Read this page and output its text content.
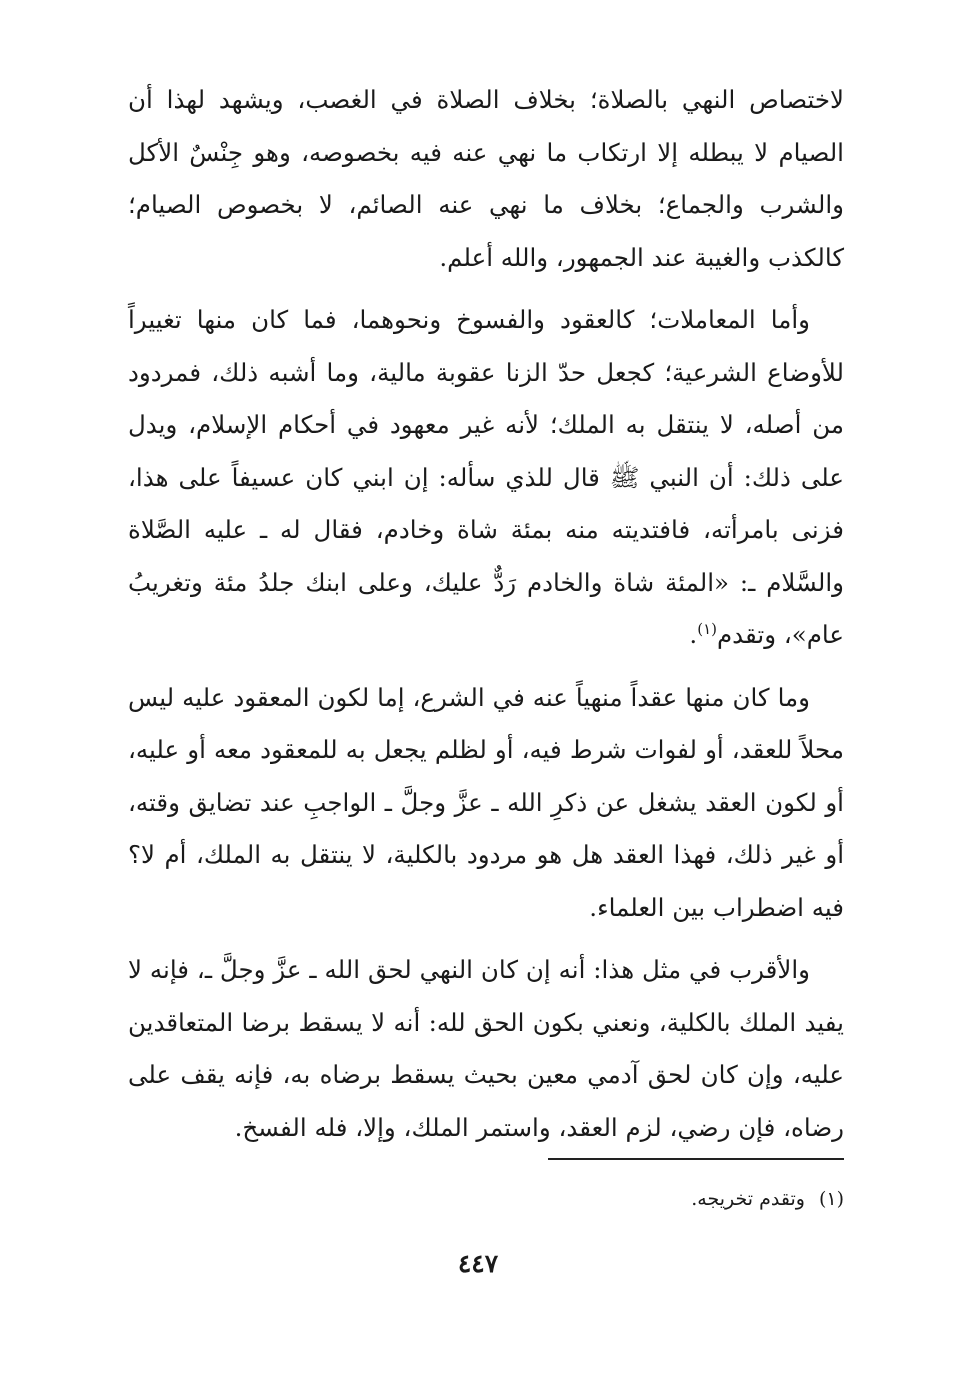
لاختصاص النهي بالصلاة؛ بخلاف الصلاة في الغصب، ويشهد لهذا أن الصيام لا يبطله إلا ارتكاب ما نهي عنه فيه بخصوصه، وهو جِنْسٌ الأكل والشرب والجماع؛ بخلاف ما نهي عنه الصائم، لا بخصوص الصيام؛ كالكذب والغيبة عند الجمهور، والله أعلم.

وأما المعاملات؛ كالعقود والفسوخ ونحوهما، فما كان منها تغييراً للأوضاع الشرعية؛ كجعل حدّ الزنا عقوبة مالية، وما أشبه ذلك، فمردود من أصله، لا ينتقل به الملك؛ لأنه غير معهود في أحكام الإسلام، ويدل على ذلك: أن النبي ﷺ قال للذي سأله: إن ابني كان عسيفاً على هذا، فزنى بامرأته، فافتديته منه بمئة شاة وخادم، فقال له ـ عليه الصَّلاة والسَّلام ـ: «المئة شاة والخادم رَدٌّ عليك، وعلى ابنك جلدُ مئة وتغريبُ عام»، وتقدم$^{(١)}$.

وما كان منها عقداً منهياً عنه في الشرع، إما لكون المعقود عليه ليس محلاً للعقد، أو لفوات شرط فيه، أو لظلم يجعل به للمعقود معه أو عليه، أو لكون العقد يشغل عن ذكرِ الله ـ عزَّ وجلَّ ـ الواجبِ عند تضايق وقته، أو غير ذلك، فهذا العقد هل هو مردود بالكلية، لا ينتقل به الملك، أم لا؟ فيه اضطراب بين العلماء.

والأقرب في مثل هذا: أنه إن كان النهي لحق الله ـ عزَّ وجلَّ ـ، فإنه لا يفيد الملك بالكلية، ونعني بكون الحق لله: أنه لا يسقط برضا المتعاقدين عليه، وإن كان لحق آدمي معين بحيث يسقط برضاه به، فإنه يقف على رضاه، فإن رضي، لزم العقد، واستمر الملك، وإلا، فله الفسخ.

(١)وتقدم تخريجه.
٤٤٧
